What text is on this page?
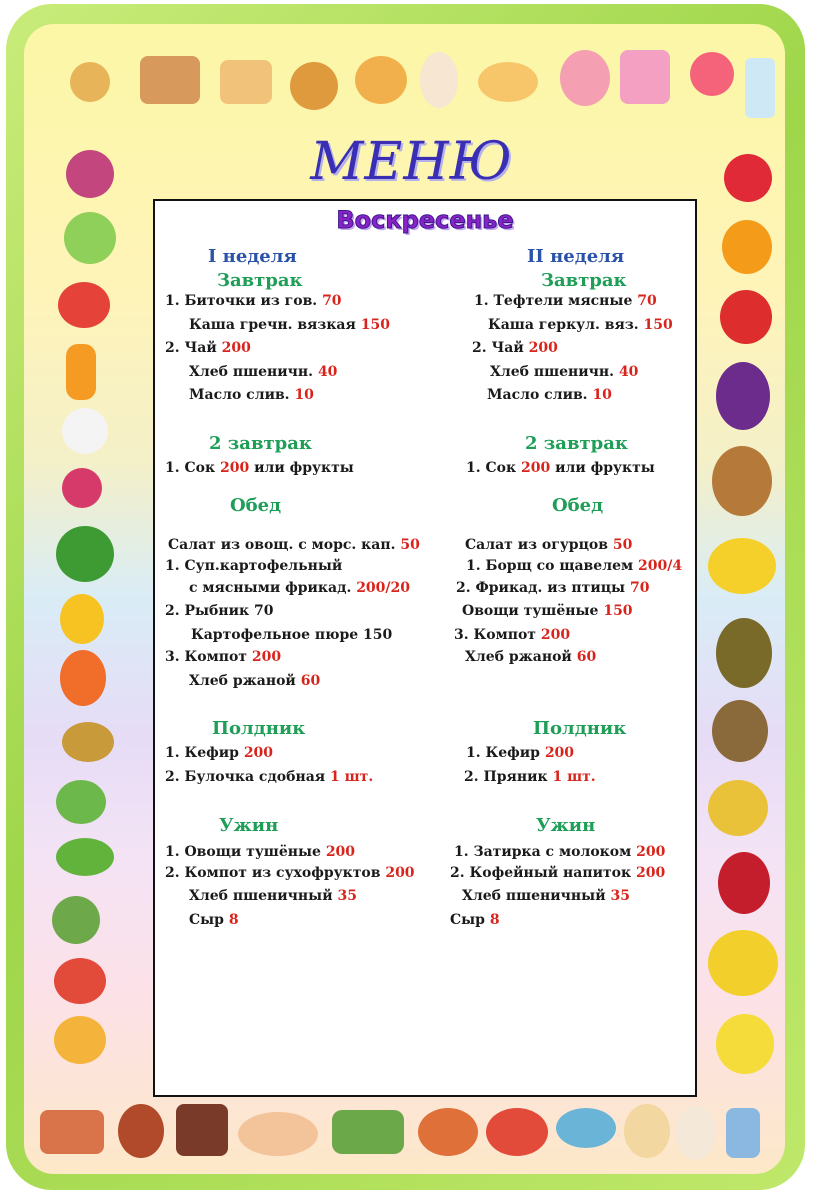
МЕНЮ
Воскресенье
I неделя
Завтрак
1. Биточки из гов. 70
Каша гречн. вязкая 150
2. Чай 200
Хлеб пшеничн. 40
Масло слив. 10
2 завтрак
1. Сок 200 или фрукты
Обед
Салат из овощ. с морс. кап. 50
1. Суп.картофельный
с мясными фрикад. 200/20
2. Рыбник 70
Картофельное пюре 150
3. Компот 200
Хлеб ржаной 60
Полдник
1. Кефир 200
2. Булочка сдобная 1 шт.
Ужин
1. Овощи тушёные 200
2. Компот из сухофруктов 200
Хлеб пшеничный 35
Сыр 8
II неделя
Завтрак
1. Тефтели мясные 70
Каша геркул. вяз. 150
2. Чай 200
Хлеб пшеничн. 40
Масло слив. 10
2 завтрак
1. Сок 200 или фрукты
Обед
Салат из огурцов 50
1. Борщ со щавелем 200/4
2. Фрикад. из птицы 70
Овощи тушёные 150
3. Компот 200
Хлеб ржаной 60
Полдник
1. Кефир 200
2. Пряник 1 шт.
Ужин
1. Затирка с молоком 200
2. Кофейный напиток 200
Хлеб пшеничный 35
Сыр 8
